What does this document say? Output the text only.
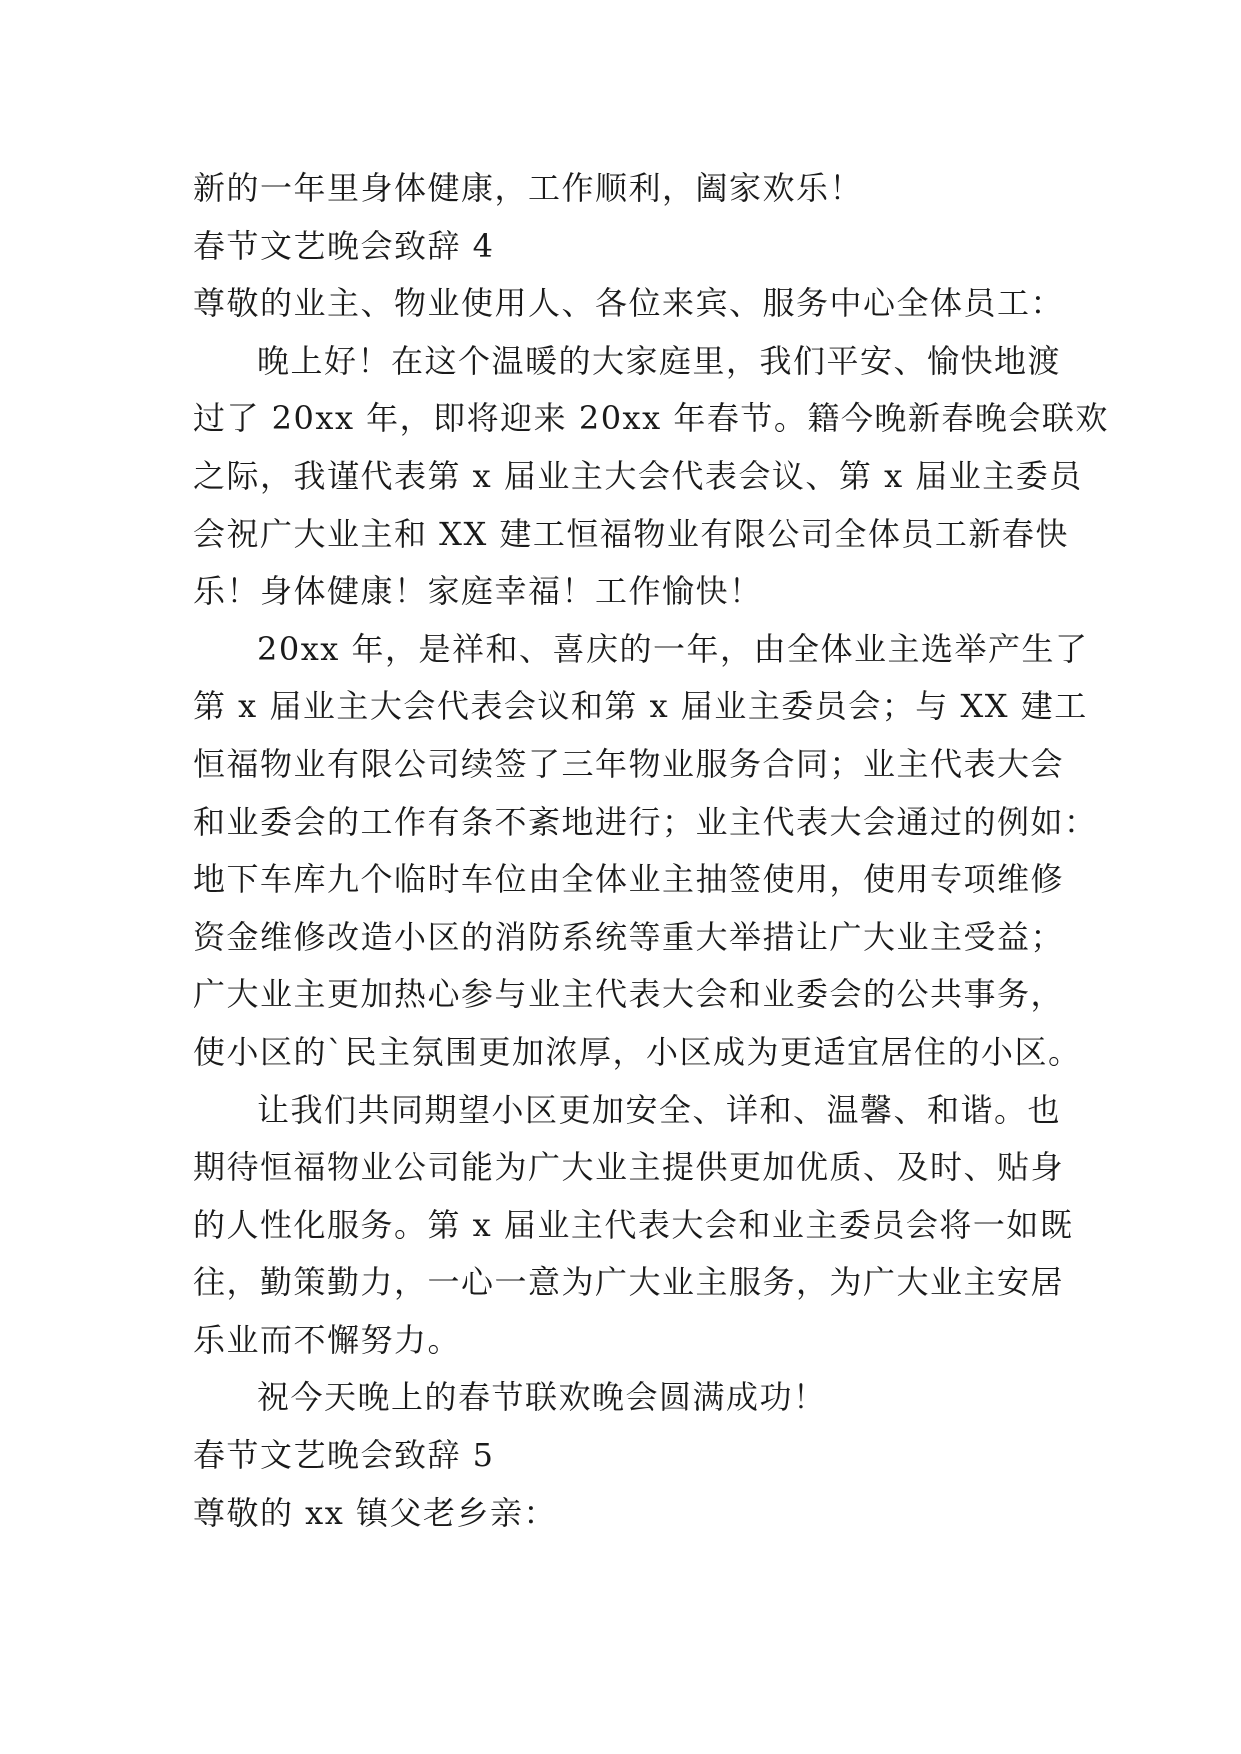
新的一年里身体健康，工作顺利，阖家欢乐！
春节文艺晚会致辞 4
尊敬的业主、物业使用人、各位来宾、服务中心全体员工：
晚上好！在这个温暖的大家庭里，我们平安、愉快地渡
过了 20xx 年，即将迎来 20xx 年春节。籍今晚新春晚会联欢
之际，我谨代表第 x 届业主大会代表会议、第 x 届业主委员
会祝广大业主和 XX 建工恒福物业有限公司全体员工新春快
乐！身体健康！家庭幸福！工作愉快！
20xx 年，是祥和、喜庆的一年，由全体业主选举产生了
第 x 届业主大会代表会议和第 x 届业主委员会；与 XX 建工
恒福物业有限公司续签了三年物业服务合同；业主代表大会
和业委会的工作有条不紊地进行；业主代表大会通过的例如：
地下车库九个临时车位由全体业主抽签使用，使用专项维修
资金维修改造小区的消防系统等重大举措让广大业主受益；
广大业主更加热心参与业主代表大会和业委会的公共事务，
使小区的`民主氛围更加浓厚，小区成为更适宜居住的小区。
让我们共同期望小区更加安全、详和、温馨、和谐。也
期待恒福物业公司能为广大业主提供更加优质、及时、贴身
的人性化服务。第 x 届业主代表大会和业主委员会将一如既
往，勤策勤力，一心一意为广大业主服务，为广大业主安居
乐业而不懈努力。
祝今天晚上的春节联欢晚会圆满成功！
春节文艺晚会致辞 5
尊敬的 xx 镇父老乡亲：
